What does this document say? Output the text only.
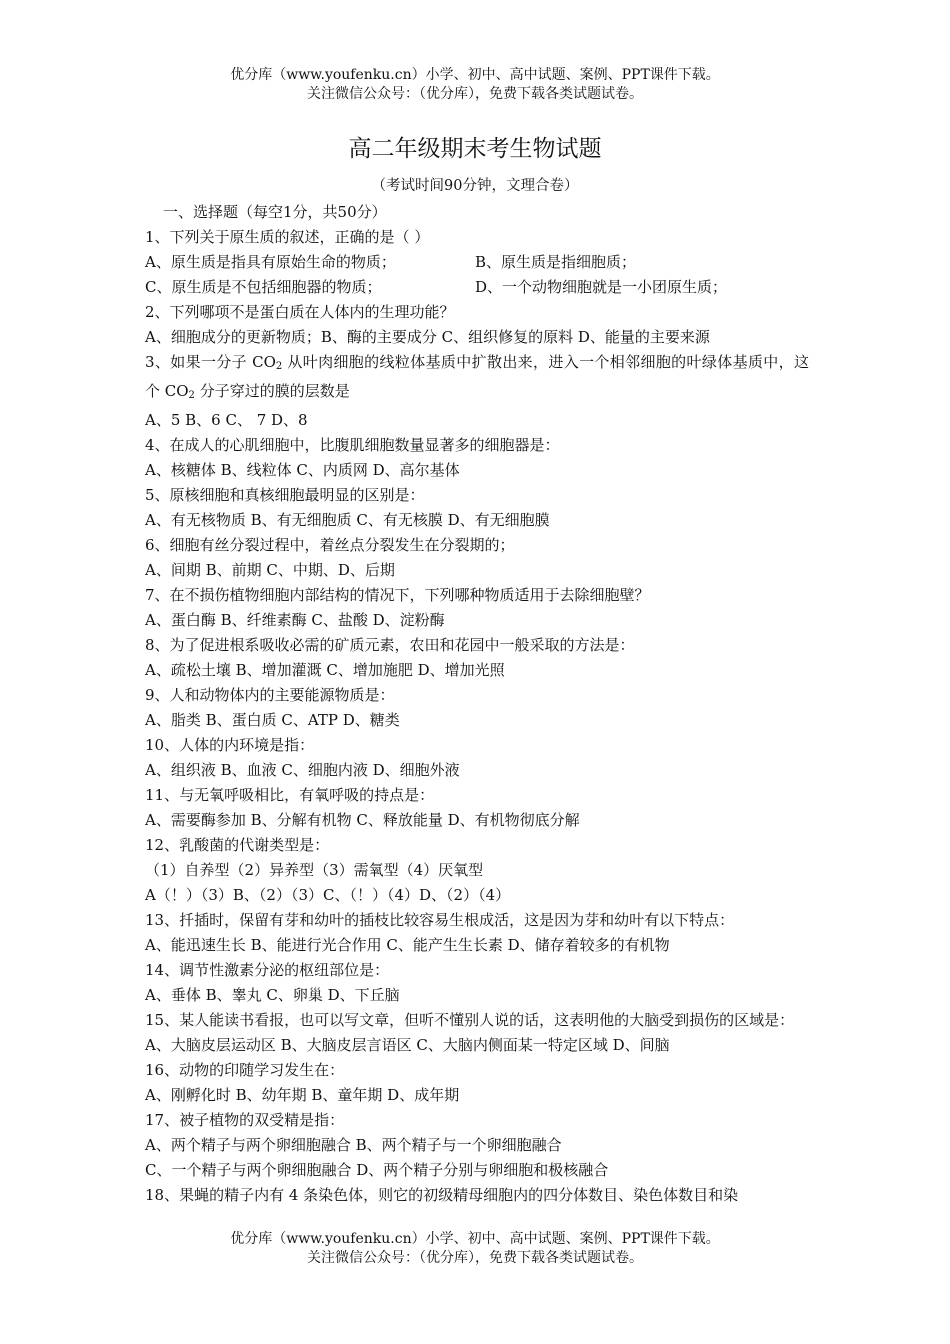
优分库（www.youfenku.cn）小学、初中、高中试题、案例、PPT课件下载。
关注微信公众号：（优分库），免费下载各类试题试卷。
高二年级期末考生物试题
（考试时间90分钟，文理合卷）
一、选择题（每空1分，共50分）
1、下列关于原生质的叙述，正确的是（ ）
A、原生质是指具有原始生命的物质；	B、原生质是指细胞质；
C、原生质是不包括细胞器的物质；	D、一个动物细胞就是一小团原生质；
2、下列哪项不是蛋白质在人体内的生理功能？
A、细胞成分的更新物质；B、酶的主要成分 C、组织修复的原料 D、能量的主要来源
3、如果一分子 $CO_2$ 从叶肉细胞的线粒体基质中扩散出来，进入一个相邻细胞的叶绿体基质中，这个 $CO_2$ 分子穿过的膜的层数是
A、5 B、6 C、 7 D、8
4、在成人的心肌细胞中，比腹肌细胞数量显著多的细胞器是：
A、核糖体 B、线粒体 C、内质网 D、高尔基体
5、原核细胞和真核细胞最明显的区别是：
A、有无核物质 B、有无细胞质 C、有无核膜 D、有无细胞膜
6、细胞有丝分裂过程中，着丝点分裂发生在分裂期的；
A、间期 B、前期 C、中期、D、后期
7、在不损伤植物细胞内部结构的情况下，下列哪种物质适用于去除细胞壁？
A、蛋白酶 B、纤维素酶 C、盐酸 D、淀粉酶
8、为了促进根系吸收必需的矿质元素，农田和花园中一般采取的方法是：
A、疏松土壤 B、增加灌溉 C、增加施肥 D、增加光照
9、人和动物体内的主要能源物质是：
A、脂类 B、蛋白质 C、ATP D、糖类
10、人体的内环境是指：
A、组织液 B、血液 C、细胞内液 D、细胞外液
11、与无氧呼吸相比，有氧呼吸的持点是：
A、需要酶参加 B、分解有机物 C、释放能量 D、有机物彻底分解
12、乳酸菌的代谢类型是：
（1）自养型（2）异养型（3）需氧型（4）厌氧型
A（！）（3）B、（2）（3）C、（！）（4）D、（2）（4）
13、扦插时，保留有芽和幼叶的插枝比较容易生根成活，这是因为芽和幼叶有以下特点：
A、能迅速生长 B、能进行光合作用 C、能产生生长素 D、储存着较多的有机物
14、调节性激素分泌的枢纽部位是：
A、垂体 B、睾丸 C、卵巢 D、下丘脑
15、某人能读书看报，也可以写文章，但听不懂别人说的话，这表明他的大脑受到损伤的区域是：
A、大脑皮层运动区 B、大脑皮层言语区 C、大脑内侧面某一特定区域 D、间脑
16、动物的印随学习发生在：
A、刚孵化时 B、幼年期 B、童年期 D、成年期
17、被子植物的双受精是指：
A、两个精子与两个卵细胞融合 B、两个精子与一个卵细胞融合
C、一个精子与两个卵细胞融合 D、两个精子分别与卵细胞和极核融合
18、果蝇的精子内有 4 条染色体，则它的初级精母细胞内的四分体数目、染色体数目和染
优分库（www.youfenku.cn）小学、初中、高中试题、案例、PPT课件下载。
关注微信公众号：（优分库），免费下载各类试题试卷。
